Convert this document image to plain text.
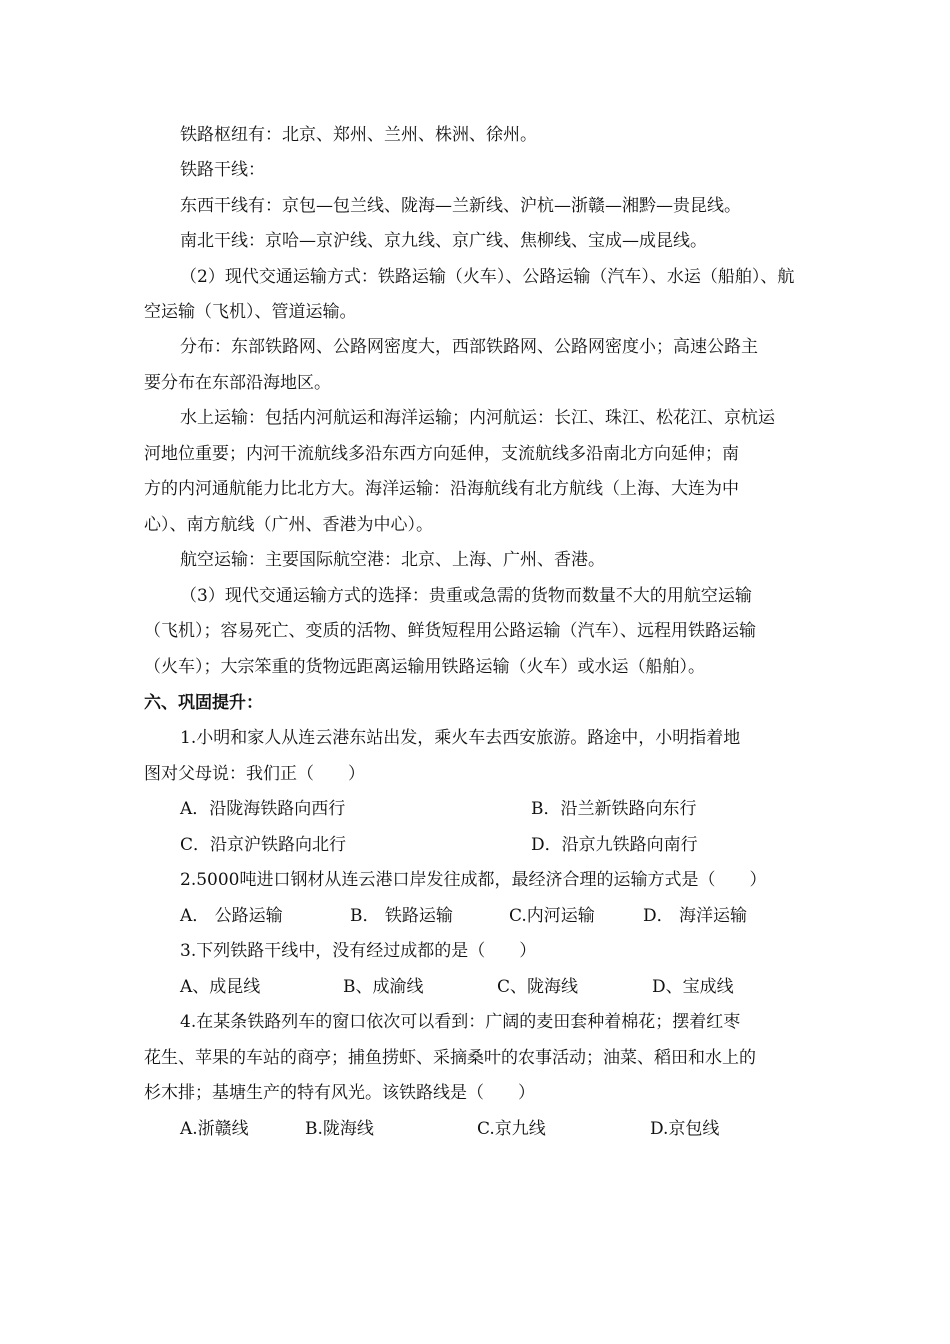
铁路枢纽有：北京、郑州、兰州、株洲、徐州。
铁路干线：
东西干线有：京包—包兰线、陇海—兰新线、沪杭—浙赣—湘黔—贵昆线。
南北干线：京哈—京沪线、京九线、京广线、焦柳线、宝成—成昆线。
（2）现代交通运输方式：铁路运输（火车）、公路运输（汽车）、水运（船舶）、航
空运输（飞机）、管道运输。
分布：东部铁路网、公路网密度大，西部铁路网、公路网密度小；高速公路主
要分布在东部沿海地区。
水上运输：包括内河航运和海洋运输；内河航运：长江、珠江、松花江、京杭运
河地位重要；内河干流航线多沿东西方向延伸，支流航线多沿南北方向延伸；南
方的内河通航能力比北方大。海洋运输：沿海航线有北方航线（上海、大连为中
心）、南方航线（广州、香港为中心）。
航空运输：主要国际航空港：北京、上海、广州、香港。
（3）现代交通运输方式的选择：贵重或急需的货物而数量不大的用航空运输
（飞机）；容易死亡、变质的活物、鲜货短程用公路运输（汽车）、远程用铁路运输
（火车）；大宗笨重的货物远距离运输用铁路运输（火车）或水运（船舶）。
六、巩固提升：
1.小明和家人从连云港东站出发，乘火车去西安旅游。路途中，小明指着地
图对父母说：我们正（　　）
A．沿陇海铁路向西行	B．沿兰新铁路向东行
C．沿京沪铁路向北行	D．沿京九铁路向南行
2.5000吨进口钢材从连云港口岸发往成都，最经济合理的运输方式是（　　）
A． 公路运输	B． 铁路运输	C.内河运输	D． 海洋运输
3.下列铁路干线中，没有经过成都的是（　　）
A、成昆线	B、成渝线	C、陇海线	D、宝成线
4.在某条铁路列车的窗口依次可以看到：广阔的麦田套种着棉花；摆着红枣
花生、苹果的车站的商亭；捕鱼捞虾、采摘桑叶的农事活动；油菜、稻田和水上的
杉木排；基塘生产的特有风光。该铁路线是（　　）
A.浙赣线	B.陇海线	C.京九线	D.京包线
